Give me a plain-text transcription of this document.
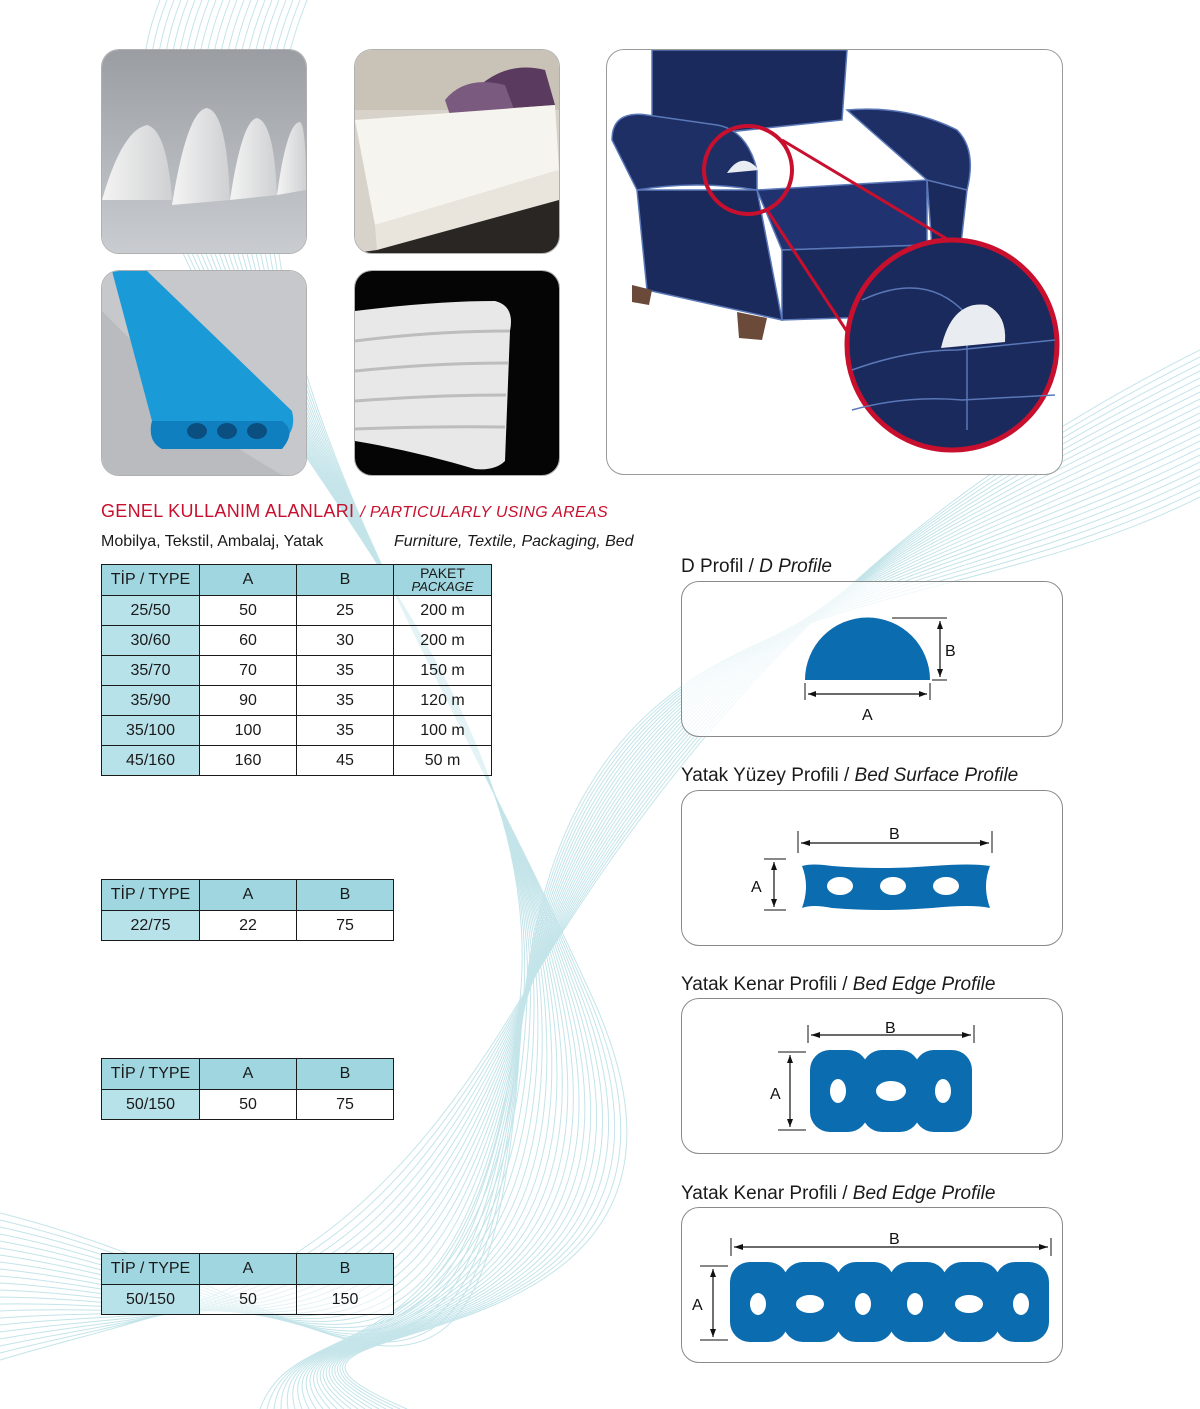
GENEL KULLANIM ALANLARI / PARTICULARLY USING AREAS
Mobilya, Tekstil, Ambalaj, Yatak	Furniture, Textile, Packaging, Bed
TİP / TYPE	A	B	PAKET
PACKAGE

25/50	50	25	200 m
30/60	60	30	200 m
35/70	70	35	150 m
35/90	90	35	120 m
35/100	100	35	100 m
45/160	160	45	50 m
TİP / TYPE	A	B
22/75	22	75
TİP / TYPE	A	B
50/150	50	75
TİP / TYPE	A	B
50/150	50	150
D Profil / D Profile
B
A
Yatak Yüzey Profili / Bed Surface Profile
B
A
Yatak Kenar Profili / Bed Edge Profile
B
A
Yatak Kenar Profili / Bed Edge Profile
B
A
